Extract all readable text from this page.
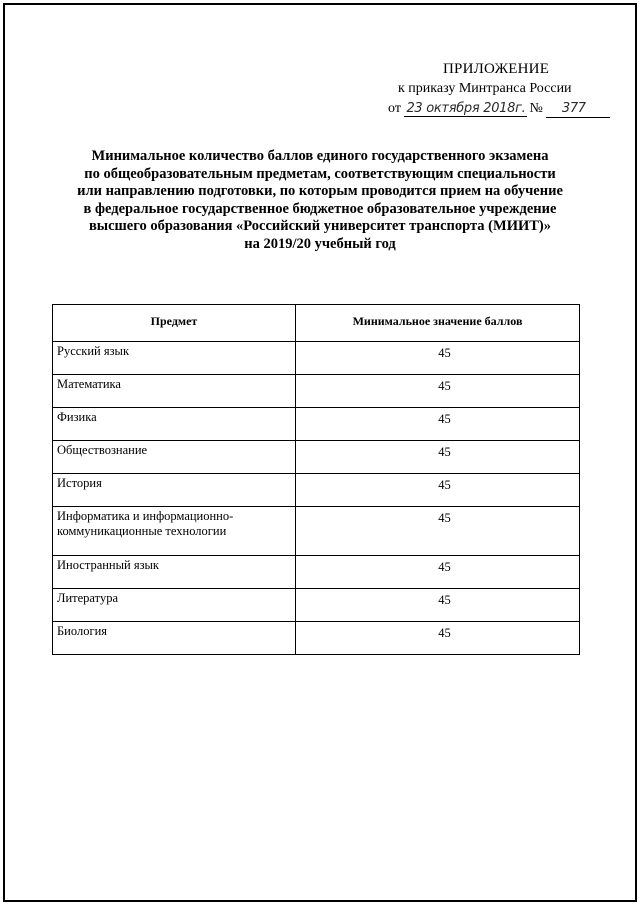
ПРИЛОЖЕНИЕ
к приказу Минтранса России
от 23 октября 2018г. № 377
Минимальное количество баллов единого государственного экзамена
по общеобразовательным предметам, соответствующим специальности
или направлению подготовки, по которым проводится прием на обучение
в федеральное государственное бюджетное образовательное учреждение
высшего образования «Российский университет транспорта (МИИТ)»
на 2019/20 учебный год
Предмет	Минимальное значение баллов
Русский язык	45
Математика	45
Физика	45
Обществознание	45
История	45
Информатика и информационно-коммуникационные технологии	45
Иностранный язык	45
Литература	45
Биология	45
